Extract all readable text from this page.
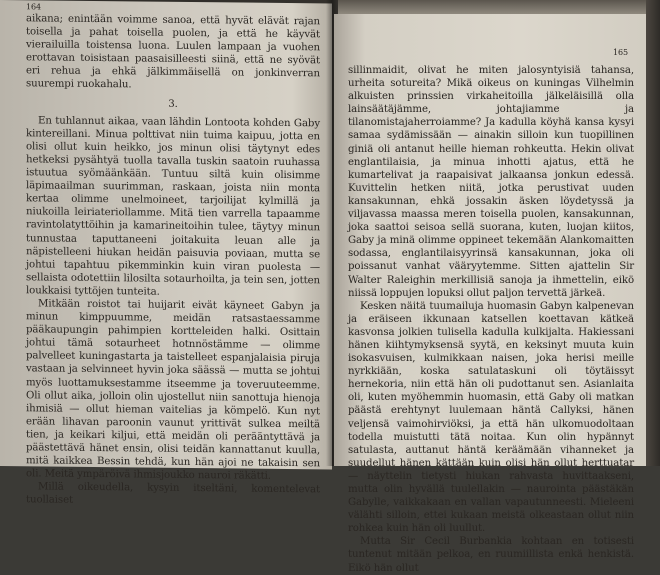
164

aikana; enintään voimme sanoa, että hyvät elävät rajan toisella ja pahat toisella puolen, ja että he käyvät vierailuilla toistensa luona. Luulen lampaan ja vuohen erottavan toisistaan paasaisilleesti siinä, että ne syövät eri rehua ja ehkä jälkimmäisellä on jonkinverran suurempi ruokahalu.

3.

En tuhlannut aikaa, vaan lähdin Lontoota kohden Gaby kintereillani. Minua polttivat niin tuima kaipuu, jotta en olisi ollut kuin heikko, jos minun olisi täytynyt edes hetkeksi pysähtyä tuolla tavalla tuskin saatoin ruuhassa istuutua syömäänkään. Tuntuu siltä kuin olisimme läpimaailman suurimman, raskaan, joista niin monta kertaa olimme unelmoineet, tarjoilijat kylmillä ja niukoilla leiriateriollamme. Mitä tien varrella tapaamme ravintolatyttöihin ja kamarineitoihin tulee, täytyy minun tunnustaa taputtaneeni joitakuita leuan alle ja näpistelleeni hiukan heidän paisuvia poviaan, mutta se johtui tapahtuu pikemminkin kuin viran puolesta — sellaista odotettiin lilosilta sotaurhoilta, ja tein sen, jotten loukkaisi tyttöjen tunteita.

Mitkään roistot tai huijarit eivät käyneet Gabyn ja minun kimppuumme, meidän ratsastaessamme pääkaupungin pahimpien kortteleiden halki. Osittain johtui tämä sotaurheet hotnnöstämme — olimme palvelleet kuningastarta ja taistelleet espanjalaisia piruja vastaan ja selvinneet hyvin joka säässä — mutta se johtui myös luottamuksestamme itseemme ja toveruuteemme. Oli ollut aika, jolloin olin ujostellut niin sanottuja hienoja ihmisiä — ollut hieman vaitelias ja kömpelö. Kun nyt erään lihavan paroonin vaunut yrittivät sulkea meiltä tien, ja keikari kiljui, että meidän oli perääntyttävä ja päästettävä hänet ensin, olisi teidän kannattanut kuulla, mitä kaikkea Bessin tehdä, kun hän ajoi ne takaisin sen oli. Meitä ympäröivä ihmisjoukko nauroi räkätti.

Millä oikeudella, kysyin itseltäni, komentelevat tuollaiset

165

sillinmaidit, olivat he miten jalosyntyisiä tahansa, urheita sotureita? Mikä oikeus on kuningas Vilhelmin alkuisten prinssien virkaheitoilla jälkeläisillä olla lainsäätäjämme, johtajiamme ja tilanomistajaherroiamme? Ja kadulla köyhä kansa kysyi samaa sydämissään — ainakin silloin kun tuopillinen giniä oli antanut heille hieman rohkeutta. Hekin olivat englantilaisia, ja minua inhotti ajatus, että he kumartelivat ja raapaisivat jalkaansa jonkun edessä. Kuvittelin hetken niitä, jotka perustivat uuden kansakunnan, ehkä jossakin äsken löydetyssä ja viljavassa maassa meren toisella puolen, kansakunnan, joka saattoi seisoa sellä suorana, kuten, luojan kiitos, Gaby ja minä olimme oppineet tekemään Alankomaitten sodassa, englantilaisyyrinsä kansakunnan, joka oli poissanut vanhat vääryytemme. Sitten ajattelin Sir Walter Raleighin merkillisiä sanoja ja ihmettelin, eikö niissä loppujen lopuksi ollut paljon tervettä järkeä.

Kesken näitä tuumailuja huomasin Gabyn kalpenevan ja eräiseen ikkunaan katsellen koettavan kätkeä kasvonsa jolkien tulisella kadulla kulkijalta. Hakiessani hänen kiihtymyksensä syytä, en keksinyt muuta kuin isokasvuisen, kulmikkaan naisen, joka herisi meille nyrkkiään, koska satulataskuni oli töytäissyt hernekoria, niin että hän oli pudottanut sen. Asianlaita oli, kuten myöhemmin huomasin, että Gaby oli matkan päästä erehtynyt luulemaan häntä Callyksi, hänen veljensä vaimohirviöksi, ja että hän ulkomuodoltaan todella muistutti tätä noitaa. Kun olin hypännyt satulasta, auttanut häntä keräämään vihanneket ja suudellut hänen kättään kuin olisi hän ollut herttuatar — näyttelin tietysti hiukan rahvasta huvittaakseni, mutta olin hyvällä tuulellakin — naurointa päästäkän Gabylle, vaikkakaan en vallan vapautunneesti. Mieleeni välähti silloin, ettei kukaan meistä olkeastaan ollut niin rohkea kuin hän oli luullut.

Mutta Sir Cecil Burbankia kohtaan en totisesti tuntenut mitään pelkoa, en ruumiillista enkä henkistä. Eikö hän ollut
